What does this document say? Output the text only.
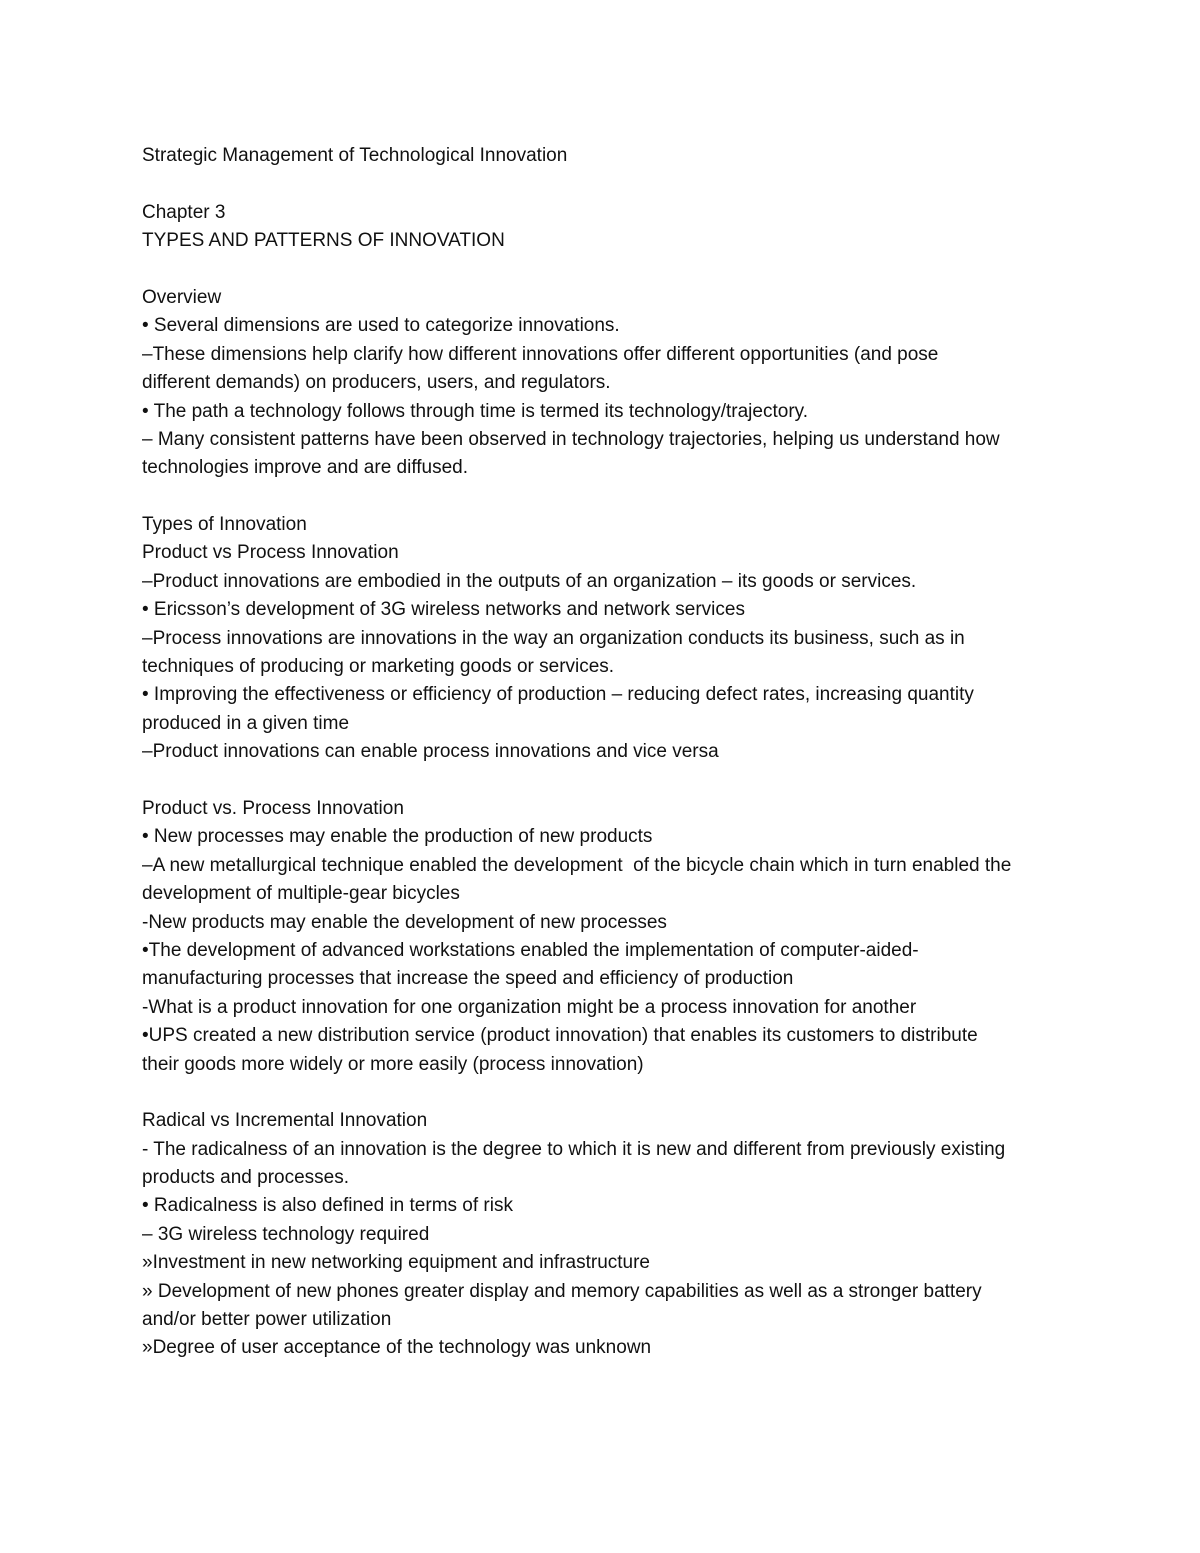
Strategic Management of Technological Innovation
Chapter 3
TYPES AND PATTERNS OF INNOVATION
Overview
• Several dimensions are used to categorize innovations.
–These dimensions help clarify how different innovations offer different opportunities (and pose
different demands) on producers, users, and regulators.
• The path a technology follows through time is termed its technology/trajectory.
– Many consistent patterns have been observed in technology trajectories, helping us understand how
technologies improve and are diffused.
Types of Innovation
Product vs Process Innovation
–Product innovations are embodied in the outputs of an organization – its goods or services.
• Ericsson’s development of 3G wireless networks and network services
–Process innovations are innovations in the way an organization conducts its business, such as in
techniques of producing or marketing goods or services.
• Improving the effectiveness or efficiency of production – reducing defect rates, increasing quantity
produced in a given time
–Product innovations can enable process innovations and vice versa
Product vs. Process Innovation
• New processes may enable the production of new products
–A new metallurgical technique enabled the development  of the bicycle chain which in turn enabled the
development of multiple-gear bicycles
-New products may enable the development of new processes
•The development of advanced workstations enabled the implementation of computer-aided-
manufacturing processes that increase the speed and efficiency of production
-What is a product innovation for one organization might be a process innovation for another
•UPS created a new distribution service (product innovation) that enables its customers to distribute
their goods more widely or more easily (process innovation)
Radical vs Incremental Innovation
- The radicalness of an innovation is the degree to which it is new and different from previously existing
products and processes.
• Radicalness is also defined in terms of risk
– 3G wireless technology required
»Investment in new networking equipment and infrastructure
» Development of new phones greater display and memory capabilities as well as a stronger battery
and/or better power utilization
»Degree of user acceptance of the technology was unknown
